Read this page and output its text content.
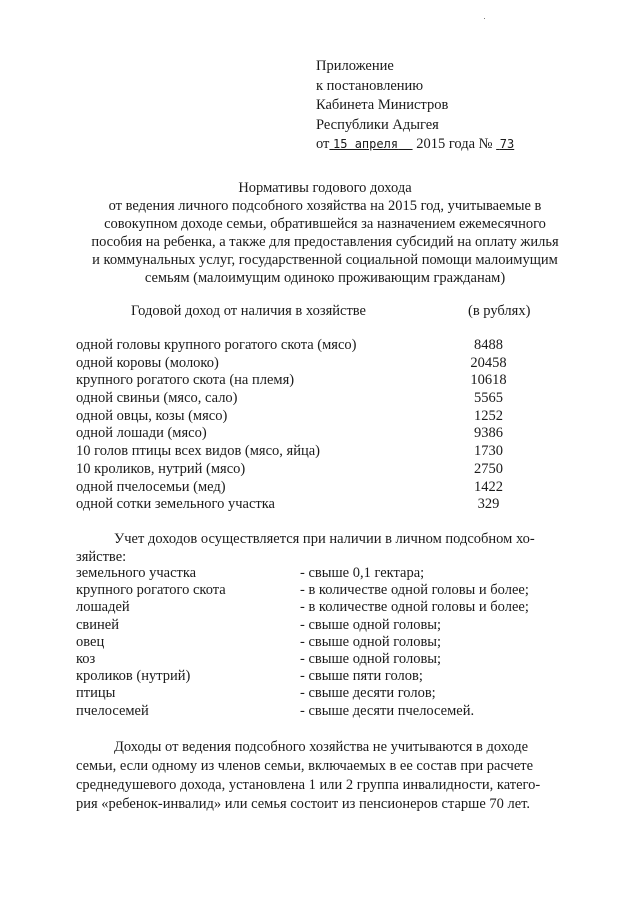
Приложение
к постановлению
Кабинета Министров
Республики Адыгея
от 15 апреля 2015 года № 73
Нормативы годового дохода
от ведения личного подсобного хозяйства на 2015 год, учитываемые в
совокупном доходе семьи, обратившейся за назначением ежемесячного
пособия на ребенка, а также для предоставления субсидий на оплату жилья
и коммунальных услуг, государственной социальной помощи малоимущим
семьям (малоимущим одиноко проживающим гражданам)
Годовой доход от наличия в хозяйстве	(в рублях)
одной головы крупного рогатого скота (мясо)	8488
одной коровы (молоко)	20458
крупного рогатого скота (на племя)	10618
одной свиньи (мясо, сало)	5565
одной овцы, козы (мясо)	1252
одной лошади (мясо)	9386
10 голов птицы всех видов (мясо, яйца)	1730
10 кроликов, нутрий (мясо)	2750
одной пчелосемьи (мед)	1422
одной сотки земельного участка	329
Учет доходов осуществляется при наличии в личном подсобном хо-
зяйстве:
земельного участка	- свыше 0,1 гектара;
крупного рогатого скота	- в количестве одной головы и более;
лошадей	- в количестве одной головы и более;
свиней	- свыше одной головы;
овец	- свыше одной головы;
коз	- свыше одной головы;
кроликов (нутрий)	- свыше пяти голов;
птицы	- свыше десяти голов;
пчелосемей	- свыше десяти пчелосемей.
Доходы от ведения подсобного хозяйства не учитываются в доходе
семьи, если одному из членов семьи, включаемых в ее состав при расчете
среднедушевого дохода, установлена 1 или 2 группа инвалидности, катего-
рия «ребенок-инвалид» или семья состоит из пенсионеров старше 70 лет.
